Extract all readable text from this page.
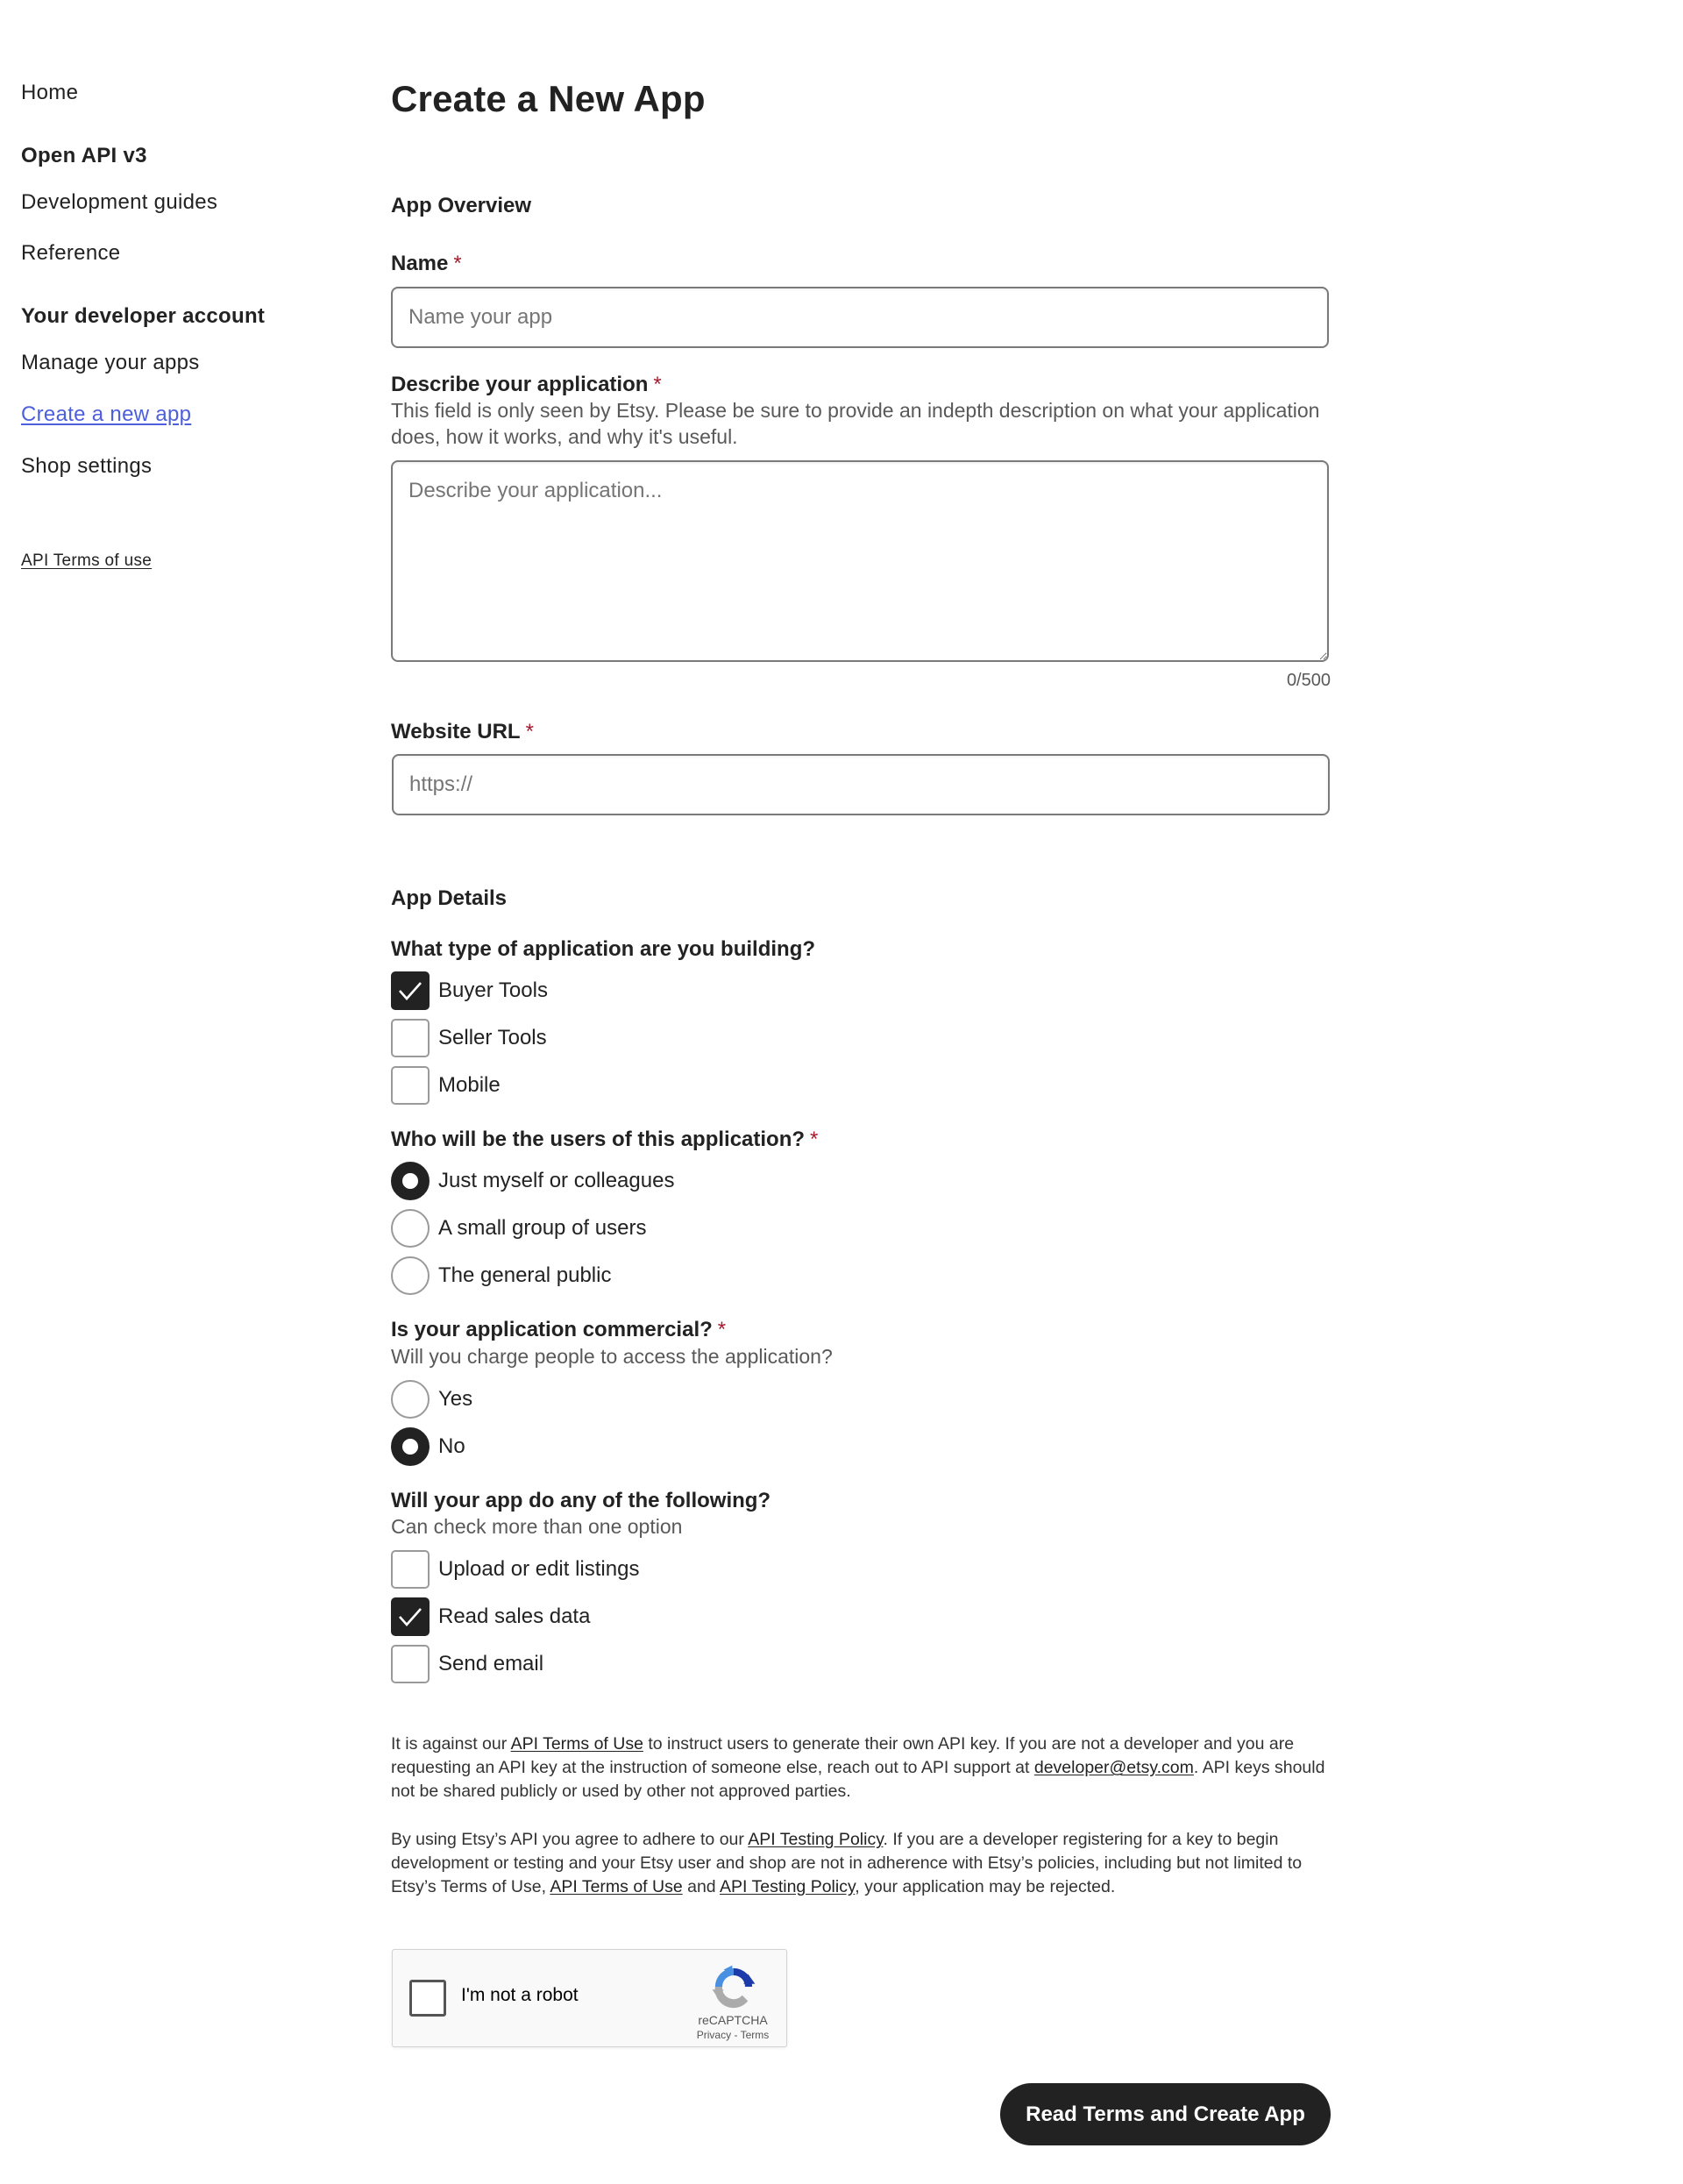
Home
Open API v3
Development guides
Reference
Your developer account
Manage your apps
Create a new app
Shop settings
API Terms of use
Create a New App
App Overview
Name *
Name your app
Describe your application *

This field is only seen by Etsy. Please be sure to provide an indepth description on what your application does, how it works, and why it's useful.

Describe your application...
0/500
Website URL *
https://
App Details
What type of application are you building?
Buyer Tools
Seller Tools
Mobile
Who will be the users of this application? *
Just myself or colleagues
A small group of users
The general public
Is your application commercial? *

Will you charge people to access the application?

Yes
No
Will your app do any of the following?

Can check more than one option

Upload or edit listings
Read sales data
Send email

It is against our API Terms of Use to instruct users to generate their own API key. If you are not a developer and you are requesting an API key at the instruction of someone else, reach out to API support at developer@etsy.com. API keys should not be shared publicly or used by other not approved parties.

By using Etsy’s API you agree to adhere to our API Testing Policy. If you are a developer registering for a key to begin development or testing and your Etsy user and shop are not in adherence with Etsy’s policies, including but not limited to Etsy’s Terms of Use, API Terms of Use and API Testing Policy, your application may be rejected.

I'm not a robot
reCAPTCHA
Privacy - Terms
Read Terms and Create App
